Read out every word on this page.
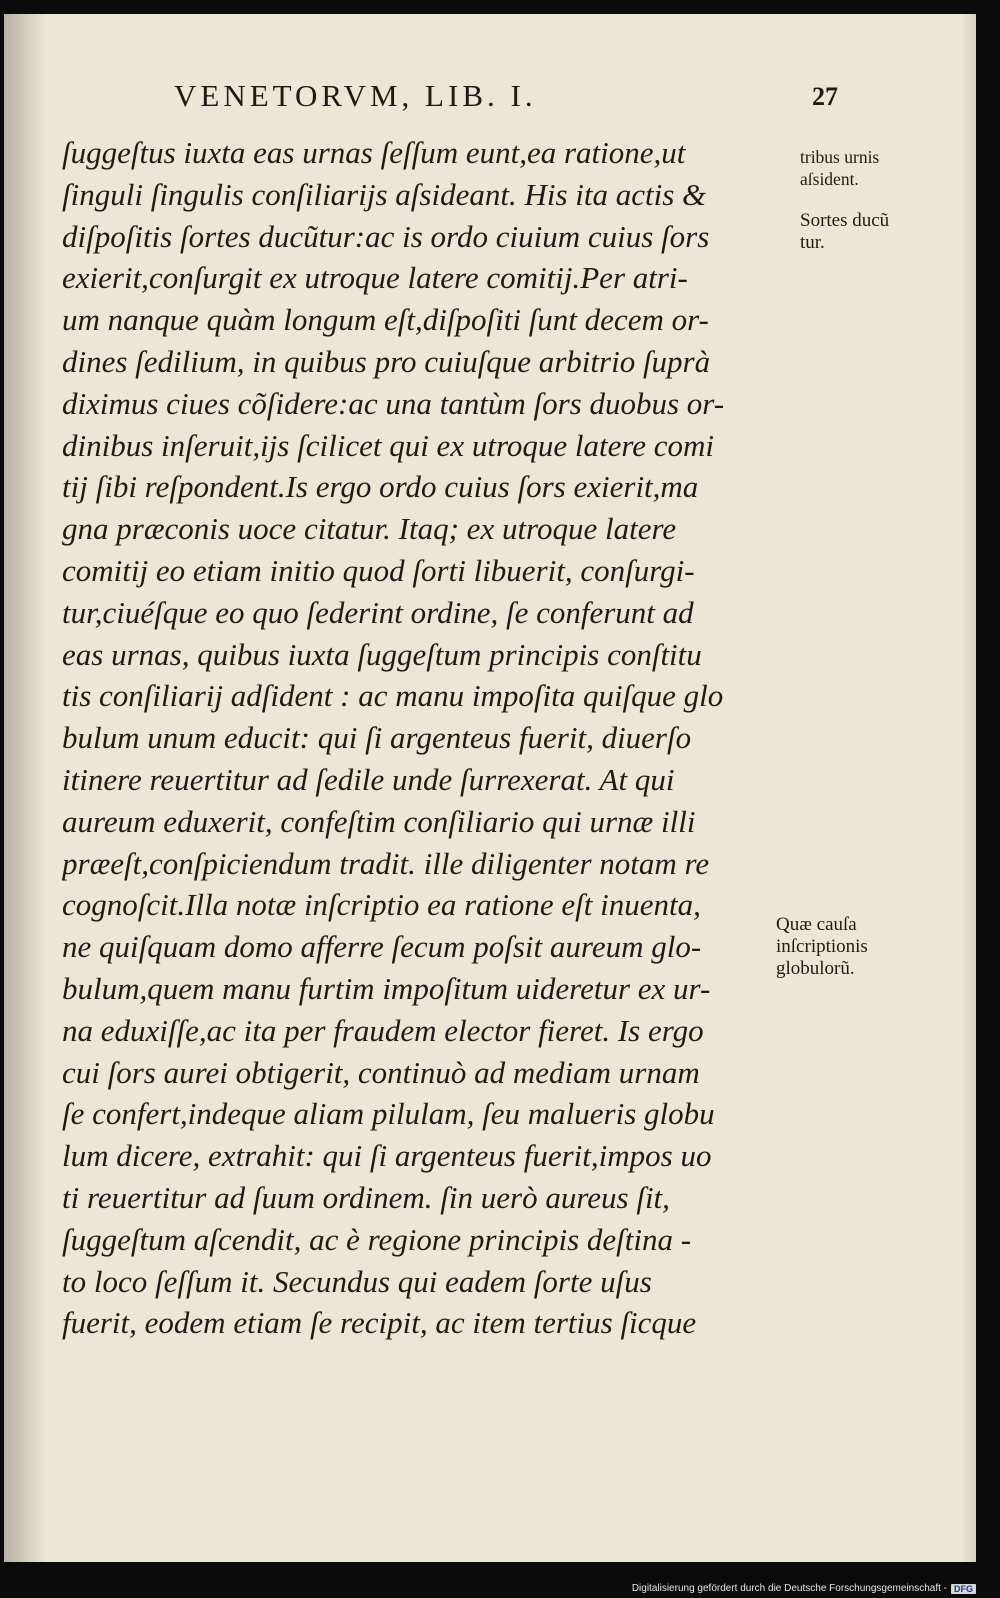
VENETORVM, LIB. I.	27
ſuggeſtus iuxta eas urnas ſeſſum eunt,ea ratione,ut
ſinguli ſingulis conſiliarijs aſsideant. His ita actis &
diſpoſitis ſortes ducũtur:ac is ordo ciuium cuius ſors
exierit,conſurgit ex utroque latere comitij.Per atri-
um nanque quàm longum eſt,diſpoſiti ſunt decem or-
dines ſedilium, in quibus pro cuiuſque arbitrio ſuprà
diximus ciues cõſidere:ac una tantùm ſors duobus or-
dinibus inſeruit,ijs ſcilicet qui ex utroque latere comi
tij ſibi reſpondent.Is ergo ordo cuius ſors exierit,ma
gna præconis uoce citatur. Itaq; ex utroque latere
comitij eo etiam initio quod ſorti libuerit, conſurgi-
tur,ciuéſque eo quo ſederint ordine, ſe conferunt ad
eas urnas, quibus iuxta ſuggeſtum principis conſtitu
tis conſiliarij adſident : ac manu impoſita quiſque glo
bulum unum educit: qui ſi argenteus fuerit, diuerſo
itinere reuertitur ad ſedile unde ſurrexerat. At qui
aureum eduxerit, confeſtim conſiliario qui urnæ illi
præeſt,conſpiciendum tradit. ille diligenter notam re
cognoſcit.Illa notæ inſcriptio ea ratione eſt inuenta,
ne quiſquam domo afferre ſecum poſsit aureum glo-
bulum,quem manu furtim impoſitum uideretur ex ur-
na eduxiſſe,ac ita per fraudem elector fieret. Is ergo
cui ſors aurei obtigerit, continuò ad mediam urnam
ſe confert,indeque aliam pilulam, ſeu malueris globu
lum dicere, extrahit: qui ſi argenteus fuerit,impos uo
ti reuertitur ad ſuum ordinem. ſin uerò aureus ſit,
ſuggeſtum aſcendit, ac è regione principis deſtina -
to loco ſeſſum it. Secundus qui eadem ſorte uſus
fuerit, eodem etiam ſe recipit, ac item tertius ſicque
tribus urnis
aſsident.
Sortes ducũ
tur.
Quæ cauſa
inſcriptionis
globulorũ.
Digitalisierung gefördert durch die Deutsche Forschungsgemeinschaft - DFG
